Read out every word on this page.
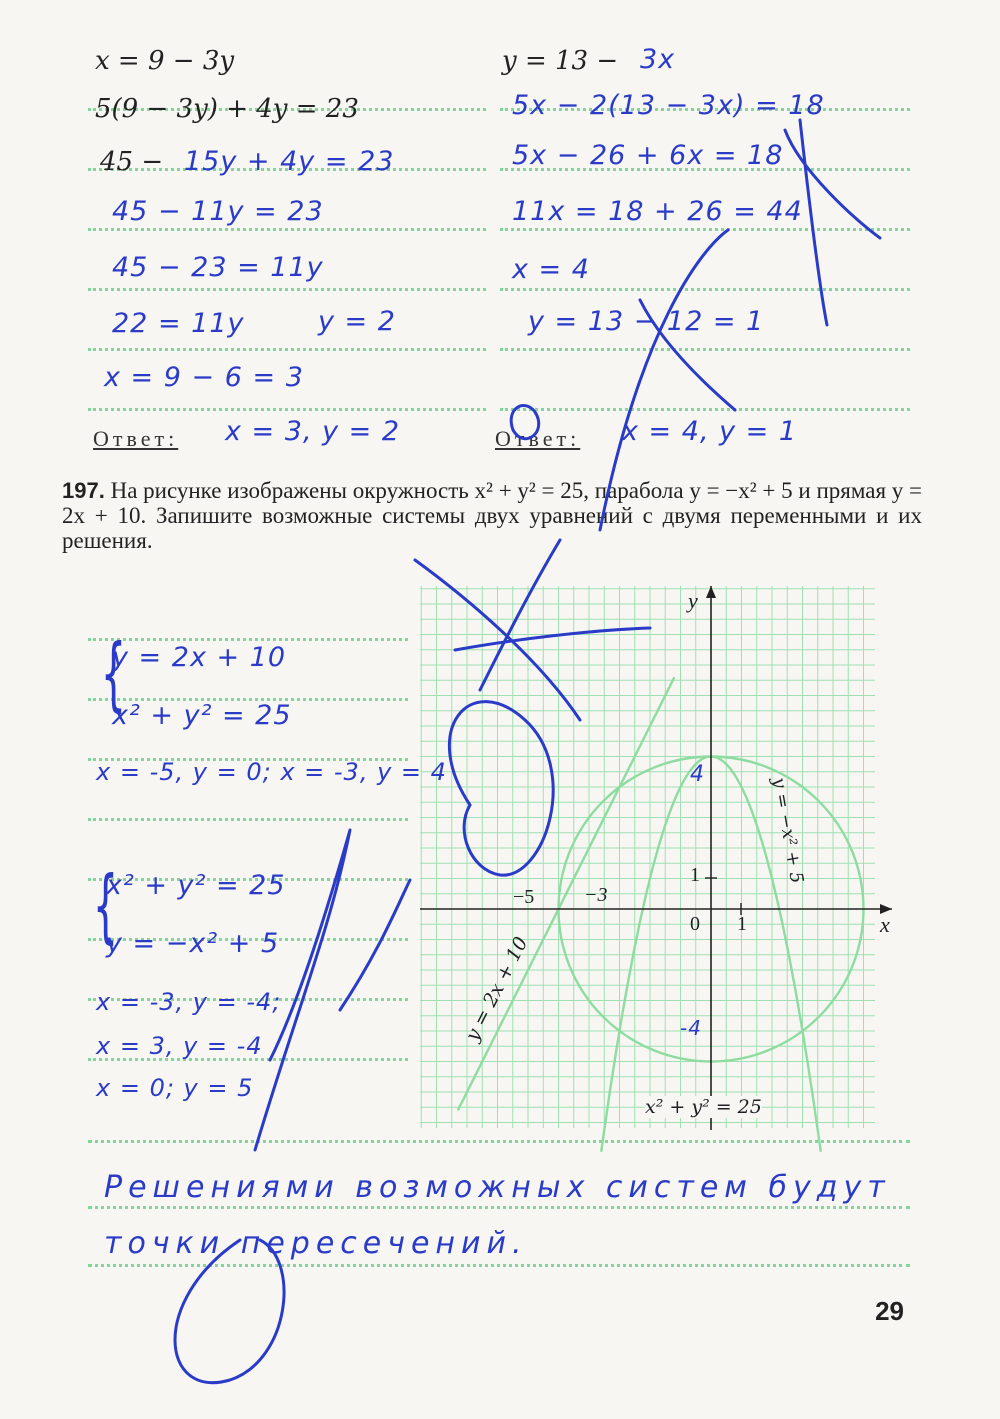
x = 9 − 3y
5(9 − 3y) + 4y = 23
45 − 15y + 4y = 23
45 − 11y = 23
45 − 23 = 11y
22 = 11y	y = 2
x = 9 − 6 = 3
Ответ: x = 3, y = 2
y = 13 − 3x
5x − 2(13 − 3x) = 18
5x − 26 + 6x = 18
11x = 18 + 26 = 44
x = 4
y = 13 − 12 = 1
Ответ: x = 4, y = 1
197. На рисунке изображены окружность x² + y² = 25, парабола y = −x² + 5 и прямая y = 2x + 10. Запишите возможные системы двух уравнений с двумя переменными и их решения.
y
x
0 1
1
−5 −3
4
-4
y = 2x + 10
y = −x² + 5
x² + y² = 25
{
y = 2x + 10
x² + y² = 25
x = -5, y = 0; x = -3, y = 4
{
x² + y² = 25
y = −x² + 5
x = -3, y = -4;
x = 3, y = -4
x = 0; y = 5
Решениями возможных систем будут
точки пересечений.
29
